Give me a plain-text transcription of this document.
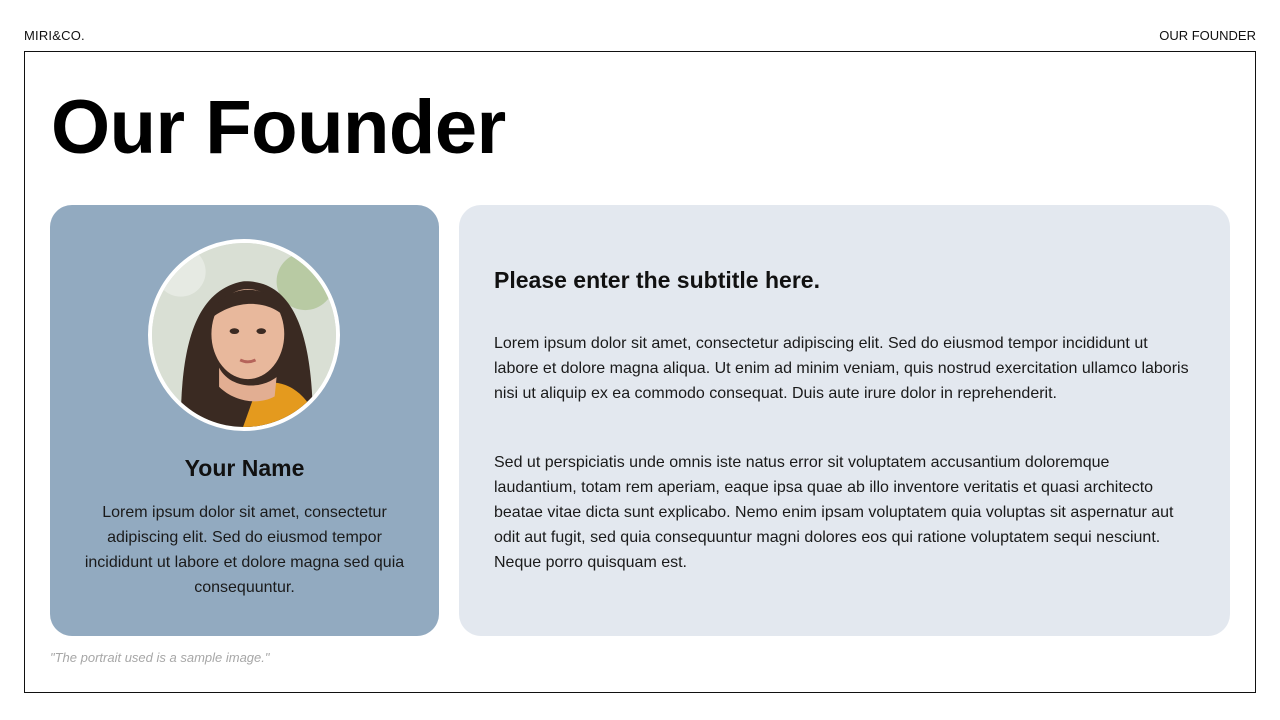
MIRI&CO.	OUR FOUNDER
Our Founder
Your Name

Lorem ipsum dolor sit amet, consectetur adipiscing elit. Sed do eiusmod tempor incididunt ut labore et dolore magna sed quia consequuntur.

Please enter the subtitle here.

Lorem ipsum dolor sit amet, consectetur adipiscing elit. Sed do eiusmod tempor incididunt ut labore et dolore magna aliqua. Ut enim ad minim veniam, quis nostrud exercitation ullamco laboris nisi ut aliquip ex ea commodo consequat. Duis aute irure dolor in reprehenderit.

Sed ut perspiciatis unde omnis iste natus error sit voluptatem accusantium doloremque laudantium, totam rem aperiam, eaque ipsa quae ab illo inventore veritatis et quasi architecto beatae vitae dicta sunt explicabo. Nemo enim ipsam voluptatem quia voluptas sit aspernatur aut odit aut fugit, sed quia consequuntur magni dolores eos qui ratione voluptatem sequi nesciunt. Neque porro quisquam est.

"The portrait used is a sample image."
